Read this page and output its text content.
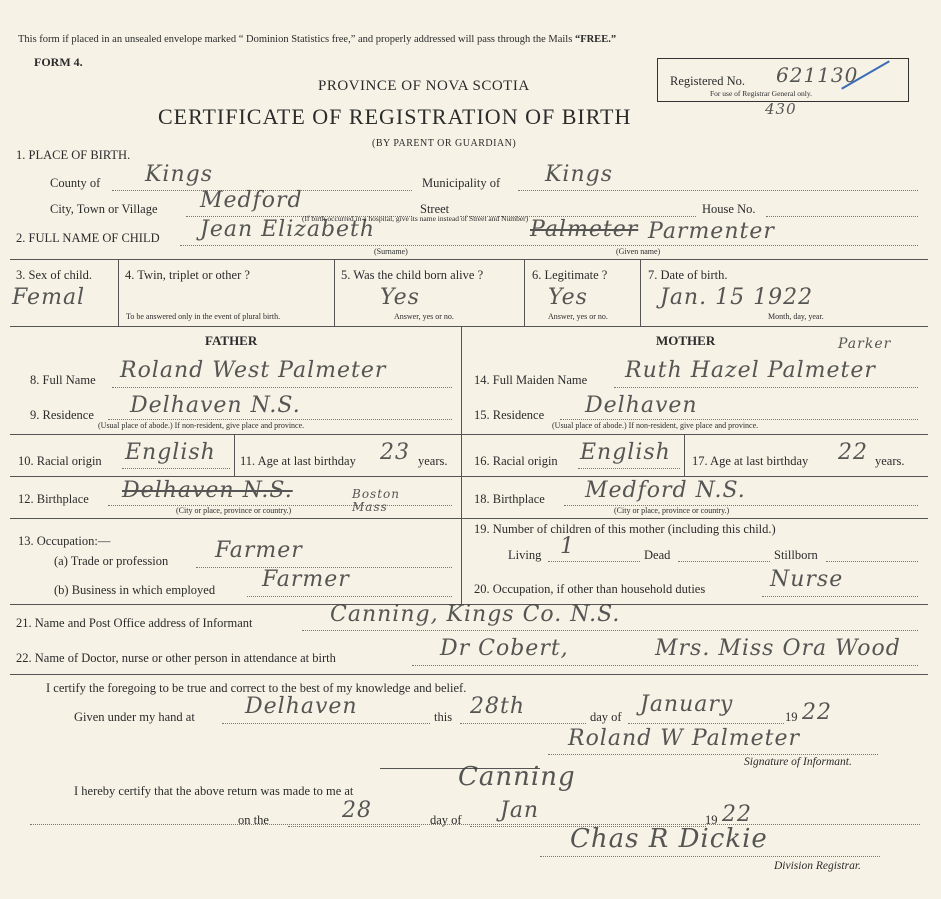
This form if placed in an unsealed envelope marked “ Dominion Statistics free,” and properly addressed will pass through the Mails “FREE.”
FORM 4.
PROVINCE OF NOVA SCOTIA
CERTIFICATE OF REGISTRATION OF BIRTH
(BY PARENT OR GUARDIAN)
430
Registered No. 621130
For use of Registrar General only.
1. PLACE OF BIRTH.
County of Kings	Municipality of Kings
City, Town or Village Medford	Street	House No.
(If birth occurred in a hospital, give its name instead of Street and Number)
2. FULL NAME OF CHILD Jean Elizabeth	Palmeter Parmenter
(Surname)	(Given name)
3. Sex of child.
Femal
4. Twin, triplet or other ?
To be answered only in the event of plural birth.
5. Was the child born alive ?
Yes
Answer, yes or no.
6. Legitimate ?
Yes
Answer, yes or no.
7. Date of birth.
Jan. 15 1922
Month, day, year.
FATHER	MOTHER
8. Full Name Roland West Palmeter
9. Residence Delhaven N.S.
(Usual place of abode.) If non-resident, give place and province.
10. Racial origin English 11. Age at last birthday 23 years.
12. Birthplace Delhaven N.S.	Boston Mass
(City or place, province or country.)
13. Occupation:—
(a) Trade or profession Farmer
(b) Business in which employed Farmer
14. Full Maiden Name Ruth Hazel Palmeter
Parker
15. Residence Delhaven
(Usual place of abode.) If non-resident, give place and province.
16. Racial origin English 17. Age at last birthday 22 years.
18. Birthplace Medford N.S.
(City or place, province or country.)
19. Number of children of this mother (including this child.)
Living 1	Dead	Stillborn
20. Occupation, if other than household duties	Nurse
21. Name and Post Office address of Informant	Canning, Kings Co. N.S.
22. Name of Doctor, nurse or other person in attendance at birth	Dr Cobert,	Mrs. Miss Ora Wood
I certify the foregoing to be true and correct to the best of my knowledge and belief.
Given under my hand at Delhaven	this 28th	day of January	19 22
Roland W Palmeter
Signature of Informant.
I hereby certify that the above return was made to me at	Canning
on the	28	day of Jan	19 22
Chas R Dickie
Division Registrar.
